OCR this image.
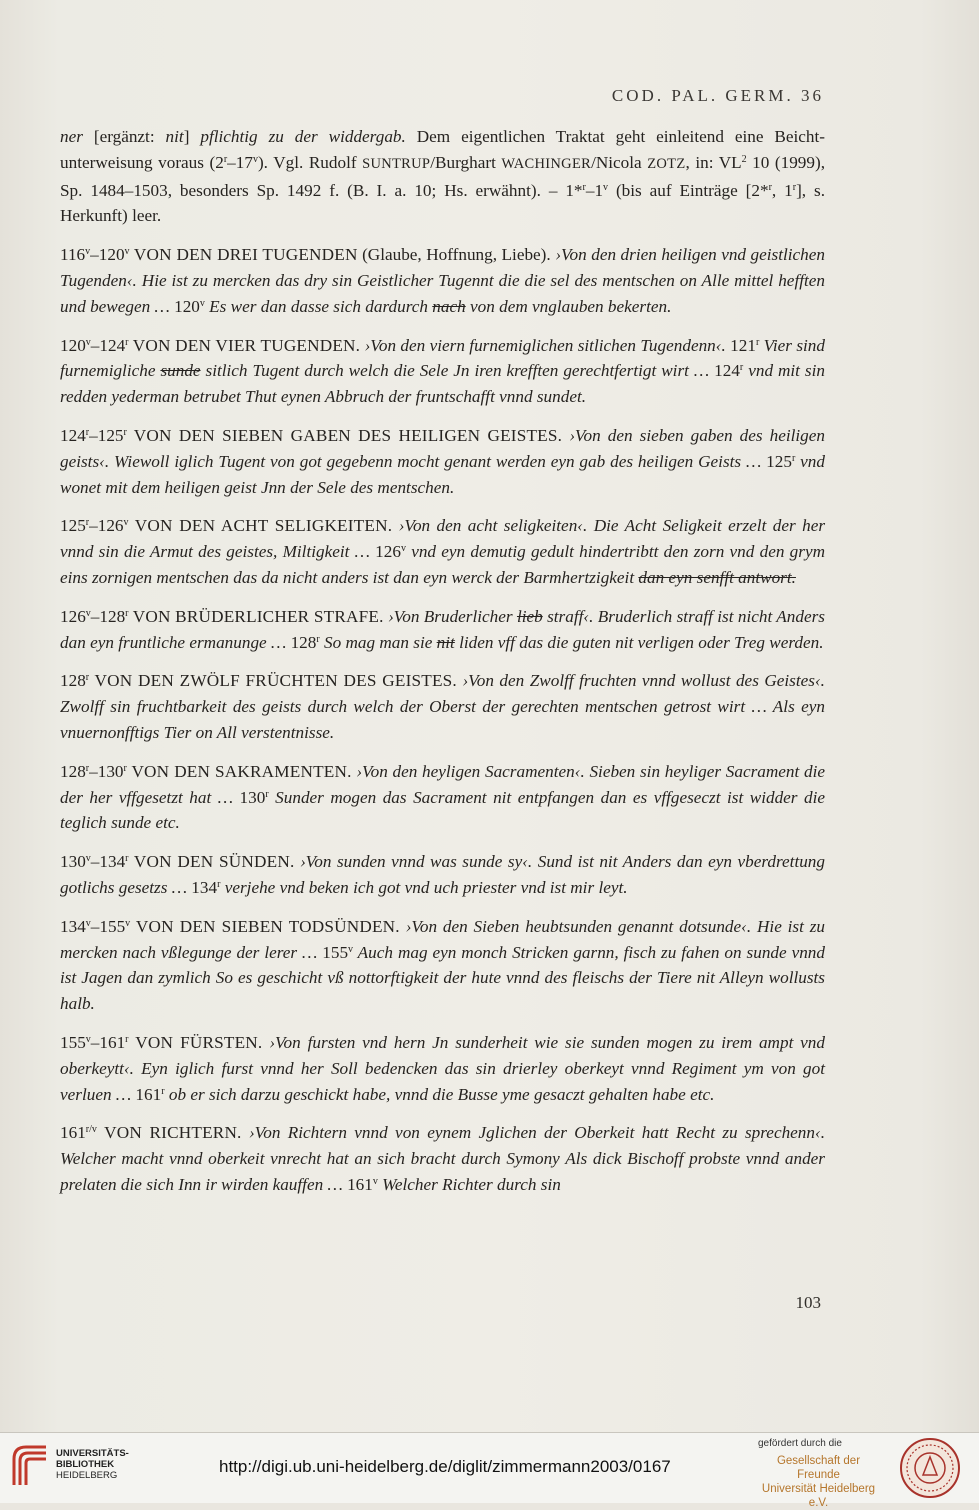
COD. PAL. GERM. 36

ner [ergänzt: nit] pflichtig zu der widdergab. Dem eigentlichen Traktat geht einleitend eine Beichtunterweisung voraus (2$^r$–17$^v$). Vgl. Rudolf SUNTRUP/Burghart WACHINGER/Nicola ZOTZ, in: $VL^2$ 10 (1999), Sp. 1484–1503, besonders Sp. 1492 f. (B. I. a. 10; Hs. erwähnt). – 1*$^r$–1$^v$ (bis auf Einträge [2*$^r$, 1$^r$], s. Herkunft) leer.

116$^v$–120$^v$ VON DEN DREI TUGENDEN (Glaube, Hoffnung, Liebe). ›Von den drien heiligen vnd geistlichen Tugenden‹. Hie ist zu mercken das dry sin Geistlicher Tugennt die die sel des mentschen on Alle mittel hefften und bewegen … 120$^v$ Es wer dan dasse sich dardurch nach von dem vnglauben bekerten.

120$^v$–124$^r$ VON DEN VIER TUGENDEN. ›Von den viern furnemiglichen sitlichen Tugendenn‹. 121$^r$ Vier sind furnemigliche sunde sitlich Tugent durch welch die Sele Jn iren krefften gerechtfertigt wirt … 124$^r$ vnd mit sin redden yederman betrubet Thut eynen Abbruch der fruntschafft vnnd sundet.

124$^r$–125$^r$ VON DEN SIEBEN GABEN DES HEILIGEN GEISTES. ›Von den sieben gaben des heiligen geists‹. Wiewoll iglich Tugent von got gegebenn mocht genant werden eyn gab des heiligen Geists … 125$^r$ vnd wonet mit dem heiligen geist Jnn der Sele des mentschen.

125$^r$–126$^v$ VON DEN ACHT SELIGKEITEN. ›Von den acht seligkeiten‹. Die Acht Seligkeit erzelt der her vnnd sin die Armut des geistes, Miltigkeit … 126$^v$ vnd eyn demutig gedult hindertribtt den zorn vnd den grym eins zornigen mentschen das da nicht anders ist dan eyn werck der Barmhertzigkeit dan eyn senfft antwort.

126$^v$–128$^r$ VON BRÜDERLICHER STRAFE. ›Von Bruderlicher lieb straff‹. Bruderlich straff ist nicht Anders dan eyn fruntliche ermanunge … 128$^r$ So mag man sie nit liden vff das die guten nit verligen oder Treg werden.

128$^r$ VON DEN ZWÖLF FRÜCHTEN DES GEISTES. ›Von den Zwolff fruchten vnnd wollust des Geistes‹. Zwolff sin fruchtbarkeit des geists durch welch der Oberst der gerechten mentschen getrost wirt … Als eyn vnuernonfftigs Tier on All verstentnisse.

128$^r$–130$^r$ VON DEN SAKRAMENTEN. ›Von den heyligen Sacramenten‹. Sieben sin heyliger Sacrament die der her vffgesetzt hat … 130$^r$ Sunder mogen das Sacrament nit entpfangen dan es vffgeseczt ist widder die teglich sunde etc.

130$^v$–134$^r$ VON DEN SÜNDEN. ›Von sunden vnnd was sunde sy‹. Sund ist nit Anders dan eyn vberdrettung gotlichs gesetzs … 134$^r$ verjehe vnd beken ich got vnd uch priester vnd ist mir leyt.

134$^v$–155$^v$ VON DEN SIEBEN TODSÜNDEN. ›Von den Sieben heubtsunden genannt dotsunde‹. Hie ist zu mercken nach vßlegunge der lerer … 155$^v$ Auch mag eyn monch Stricken garnn, fisch zu fahen on sunde vnnd ist Jagen dan zymlich So es geschicht vß nottorftigkeit der hute vnnd des fleischs der Tiere nit Alleyn wollusts halb.

155$^v$–161$^r$ VON FÜRSTEN. ›Von fursten vnd hern Jn sunderheit wie sie sunden mogen zu irem ampt vnd oberkeytt‹. Eyn iglich furst vnnd her Soll bedencken das sin drierley oberkeyt vnnd Regiment ym von got verluen … 161$^r$ ob er sich darzu geschickt habe, vnnd die Busse yme gesaczt gehalten habe etc.

$161^{r/v}$ VON RICHTERN. ›Von Richtern vnnd von eynem Jglichen der Oberkeit hatt Recht zu sprechenn‹. Welcher macht vnnd oberkeit vnrecht hat an sich bracht durch Symony Als dick Bischoff probste vnnd ander prelaten die sich Inn ir wirden kauffen … 161$^v$ Welcher Richter durch sin

103
UNIVERSITÄTS-
BIBLIOTHEK
HEIDELBERG	http://digi.ub.uni-heidelberg.de/diglit/zimmermann2003/0167
gefördert durch die
Gesellschaft der Freunde
Universität Heidelberg e.V.
